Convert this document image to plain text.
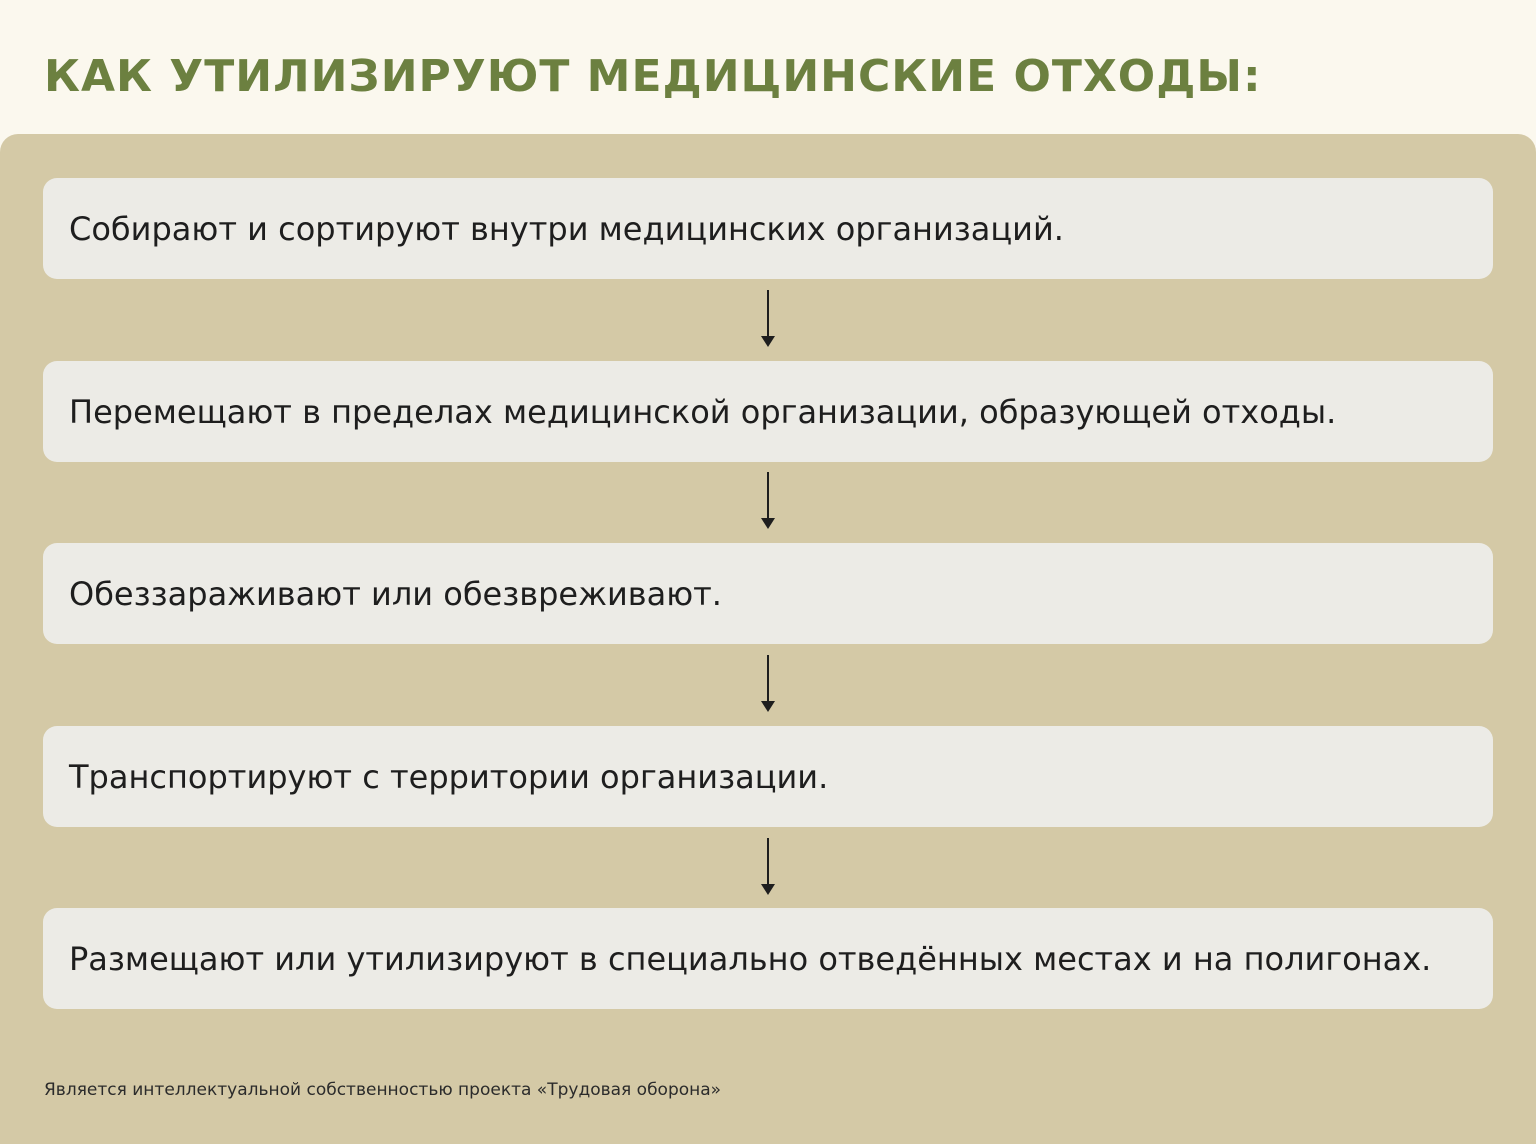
КАК УТИЛИЗИРУЮТ МЕДИЦИНСКИЕ ОТХОДЫ:
Собирают и сортируют внутри медицинских организаций.
Перемещают в пределах медицинской организации, образующей отходы.
Обеззараживают или обезвреживают.
Транспортируют с территории организации.
Размещают или утилизируют в специально отведённых местах и на полигонах.
Является интеллектуальной собственностью проекта «Трудовая оборона»
